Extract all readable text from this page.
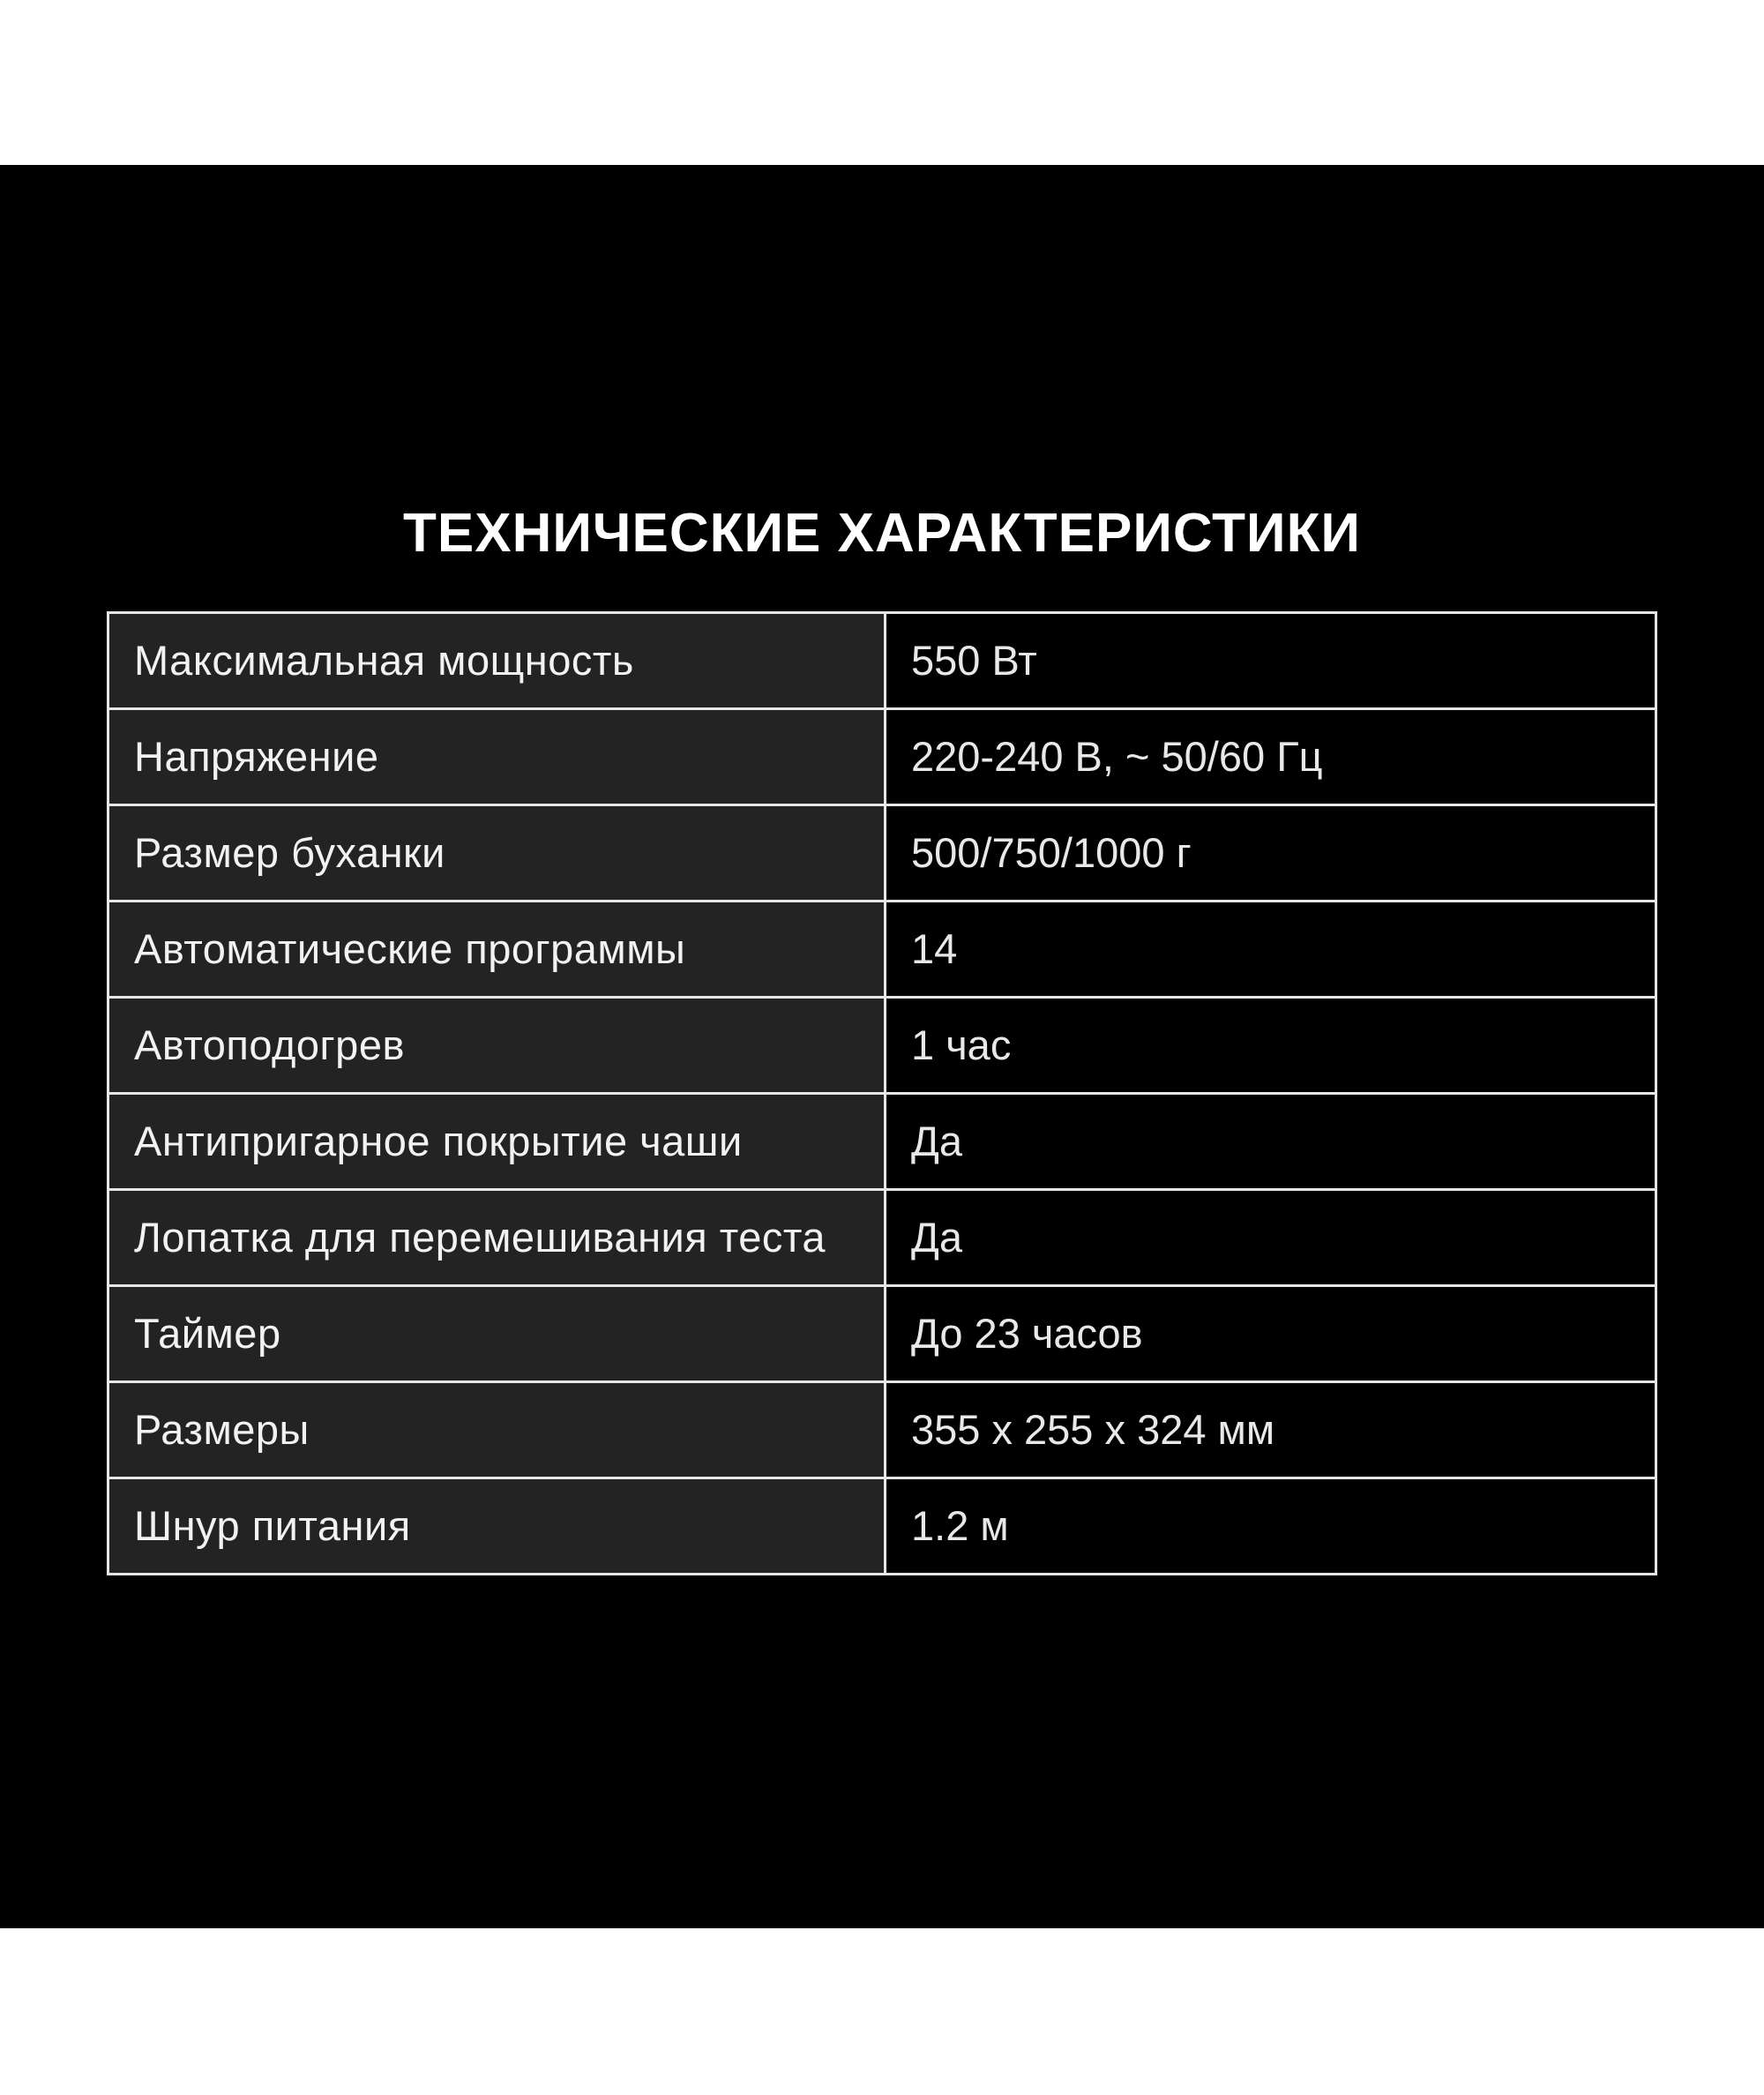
ТЕХНИЧЕСКИЕ ХАРАКТЕРИСТИКИ
Максимальная мощность	550 Вт
Напряжение	220-240 В, ~ 50/60 Гц
Размер буханки	500/750/1000 г
Автоматические программы	14
Автоподогрев	1 час
Антипригарное покрытие чаши	Да
Лопатка для перемешивания теста	Да
Таймер	До 23 часов
Размеры	355 x 255 x 324 мм
Шнур питания	1.2 м
